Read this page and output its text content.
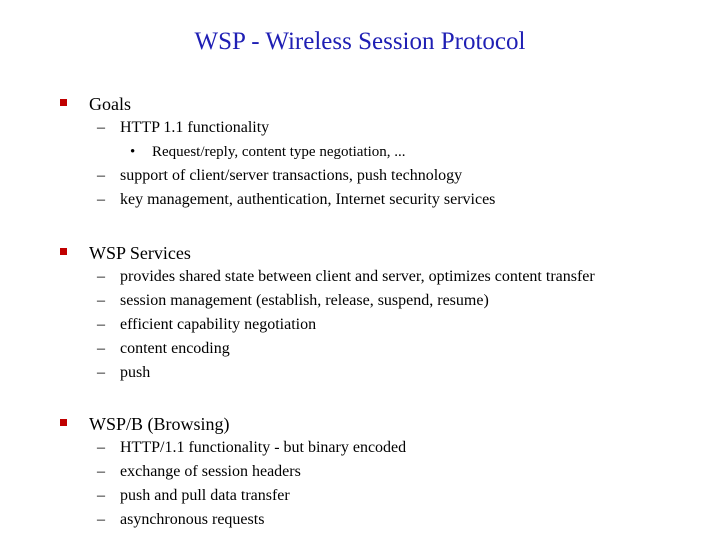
WSP - Wireless Session Protocol
Goals
– HTTP 1.1 functionality
• Request/reply, content type negotiation, ...
– support of client/server transactions, push technology
– key management, authentication, Internet security services
WSP Services
– provides shared state between client and server, optimizes content transfer
– session management (establish, release, suspend, resume)
– efficient capability negotiation
– content encoding
– push
WSP/B (Browsing)
– HTTP/1.1 functionality - but binary encoded
– exchange of session headers
– push and pull data transfer
– asynchronous requests
